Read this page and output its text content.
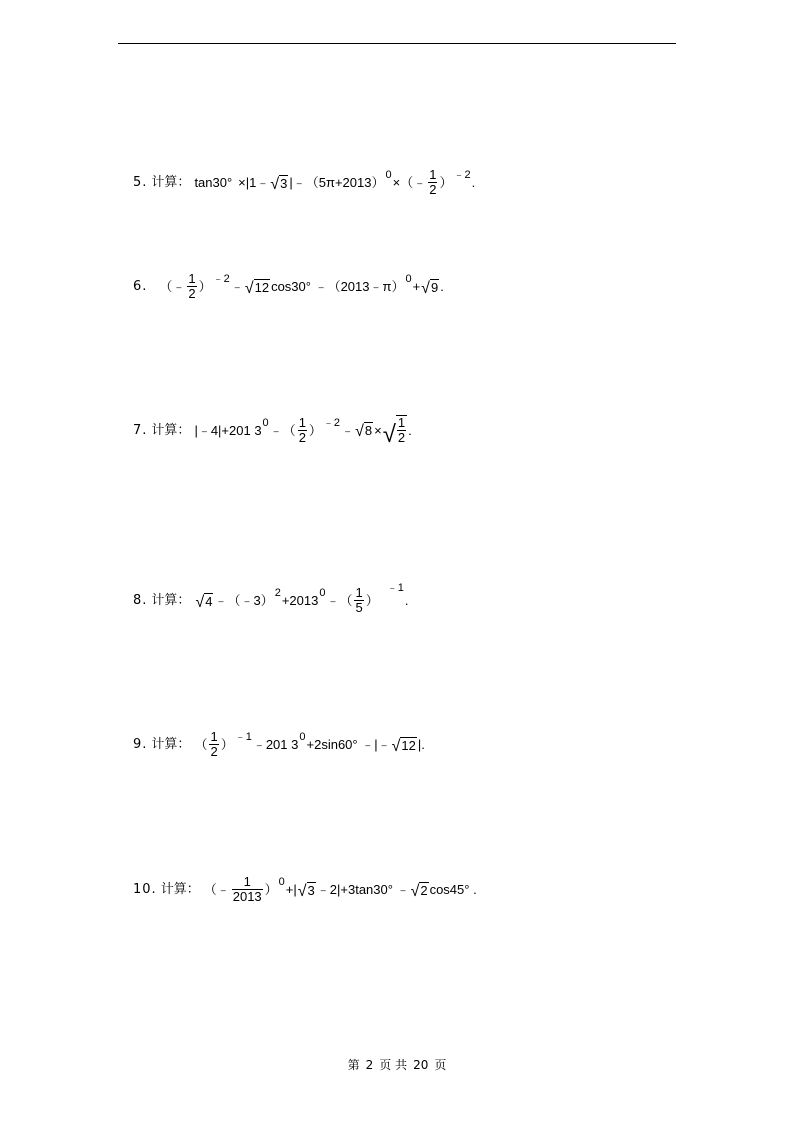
5. 计算 ： tan30° ×|1﹣ √ 3 $|﹣(5\pi+2013)^0$ ×（﹣ $\frac{1}{2} )^{﹣2}$ .
6. （﹣ $\frac{1}{2} )^{﹣2}$ ﹣ √ 12 cos30° ﹣（2013﹣π）$^0$ + √ 9 .
7. 计算 ： |﹣4|+201 $3^0$ ﹣（ $\frac{1}{2} )^{﹣2}$ ﹣ √ 8 × √ $\frac{1}{2}$ .
8. 计算 ： √ 4 ﹣（﹣3）$^2$ $+2013^0$ ﹣（ $\frac{1}{5}$ ）
$^{﹣1}$
.
9. 计算 ： （ $\frac{1}{2} )^{﹣1}$ ﹣201 $3^0 +2\sin 60^\circ$ ﹣|﹣ √ 12 |.
10. 计算 ： （﹣ $\frac{1}{2013} )^0$ +| √ 3 ﹣2|+3tan30° ﹣ √ 2 cos45° .
第 2 页 共 20 页
